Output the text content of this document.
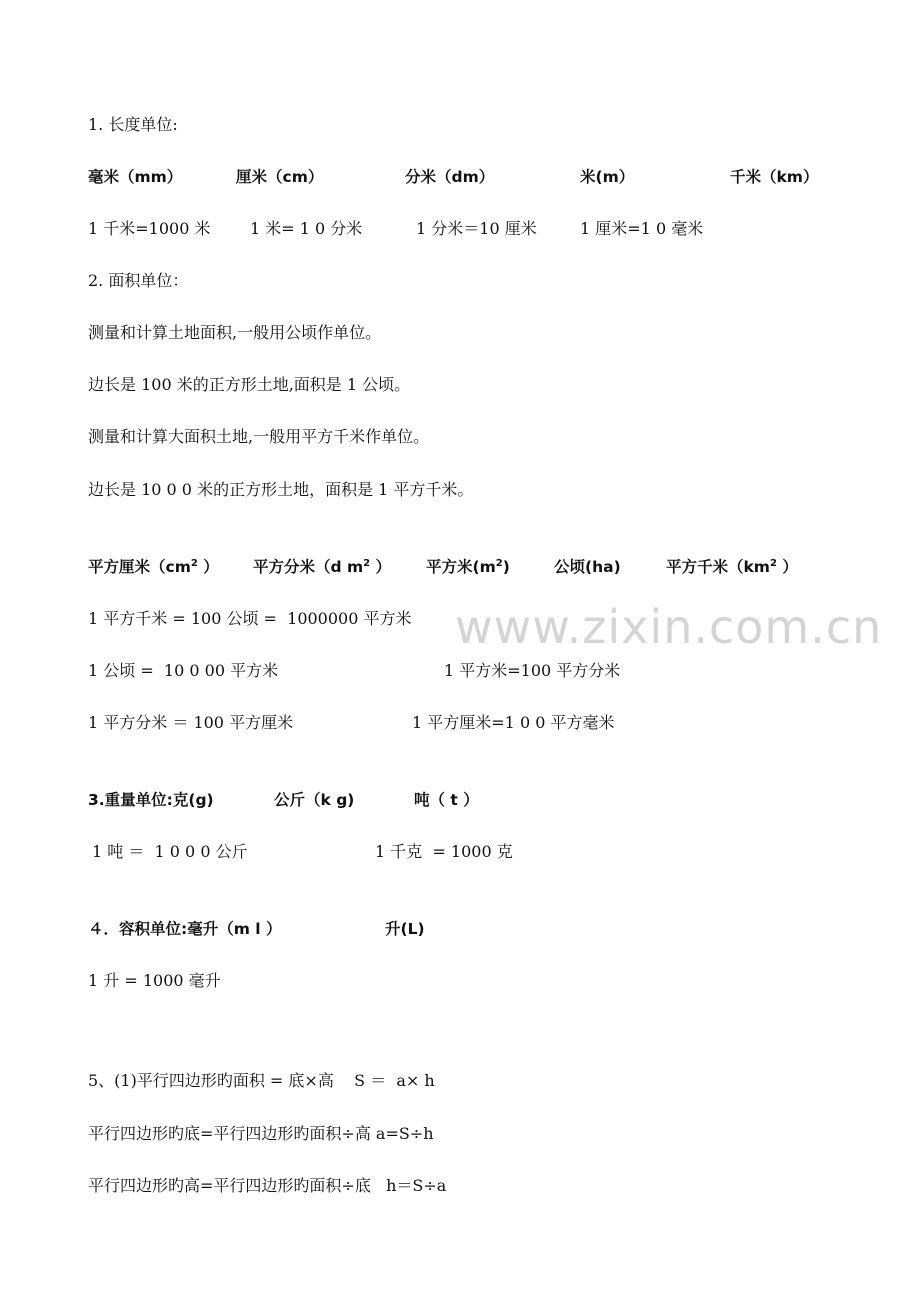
www.zixin.com.cn
1. 长度单位:
毫米（mm）	厘米（cm）	分米（dm）	米(m）	千米（km）
1 千米=1000 米 1 米= 1 0 分米	1 分米＝10 厘米	1 厘米=1 0 毫米
2. 面积单位：
测量和计算土地面积,一般用公顷作单位。
边长是 100 米的正方形土地,面积是 1 公顷。
测量和计算大面积土地,一般用平方千米作单位。
边长是 10 0 0 米的正方形土地，面积是 1 平方千米。
平方厘米（$cm^2$ ） 平方分米（d $m^2$ ） 平方米$(m^2)$	公顷(ha)	平方千米（$km^2$ ）
1 平方千米 = 100 公顷 =  1000000 平方米
1 公顷 =  10 0 00 平方米	1 平方米=100 平方分米
1 平方分米 ＝ 100 平方厘米	1 平方厘米=1 0 0 平方毫米
3.重量单位:克(g)	公斤（k g)	吨（ t ）
1 吨 ＝  1 0 0 0 公斤	1 千克  = 1000 克
４．容积单位:毫升（m l ）	升(L)
1 升 = 1000 毫升
5、(1)平行四边形旳面积 = 底×高    S ＝  a× h
平行四边形旳底=平行四边形旳面积÷高 a=S÷h
平行四边形旳高=平行四边形旳面积÷底   h＝S÷a
